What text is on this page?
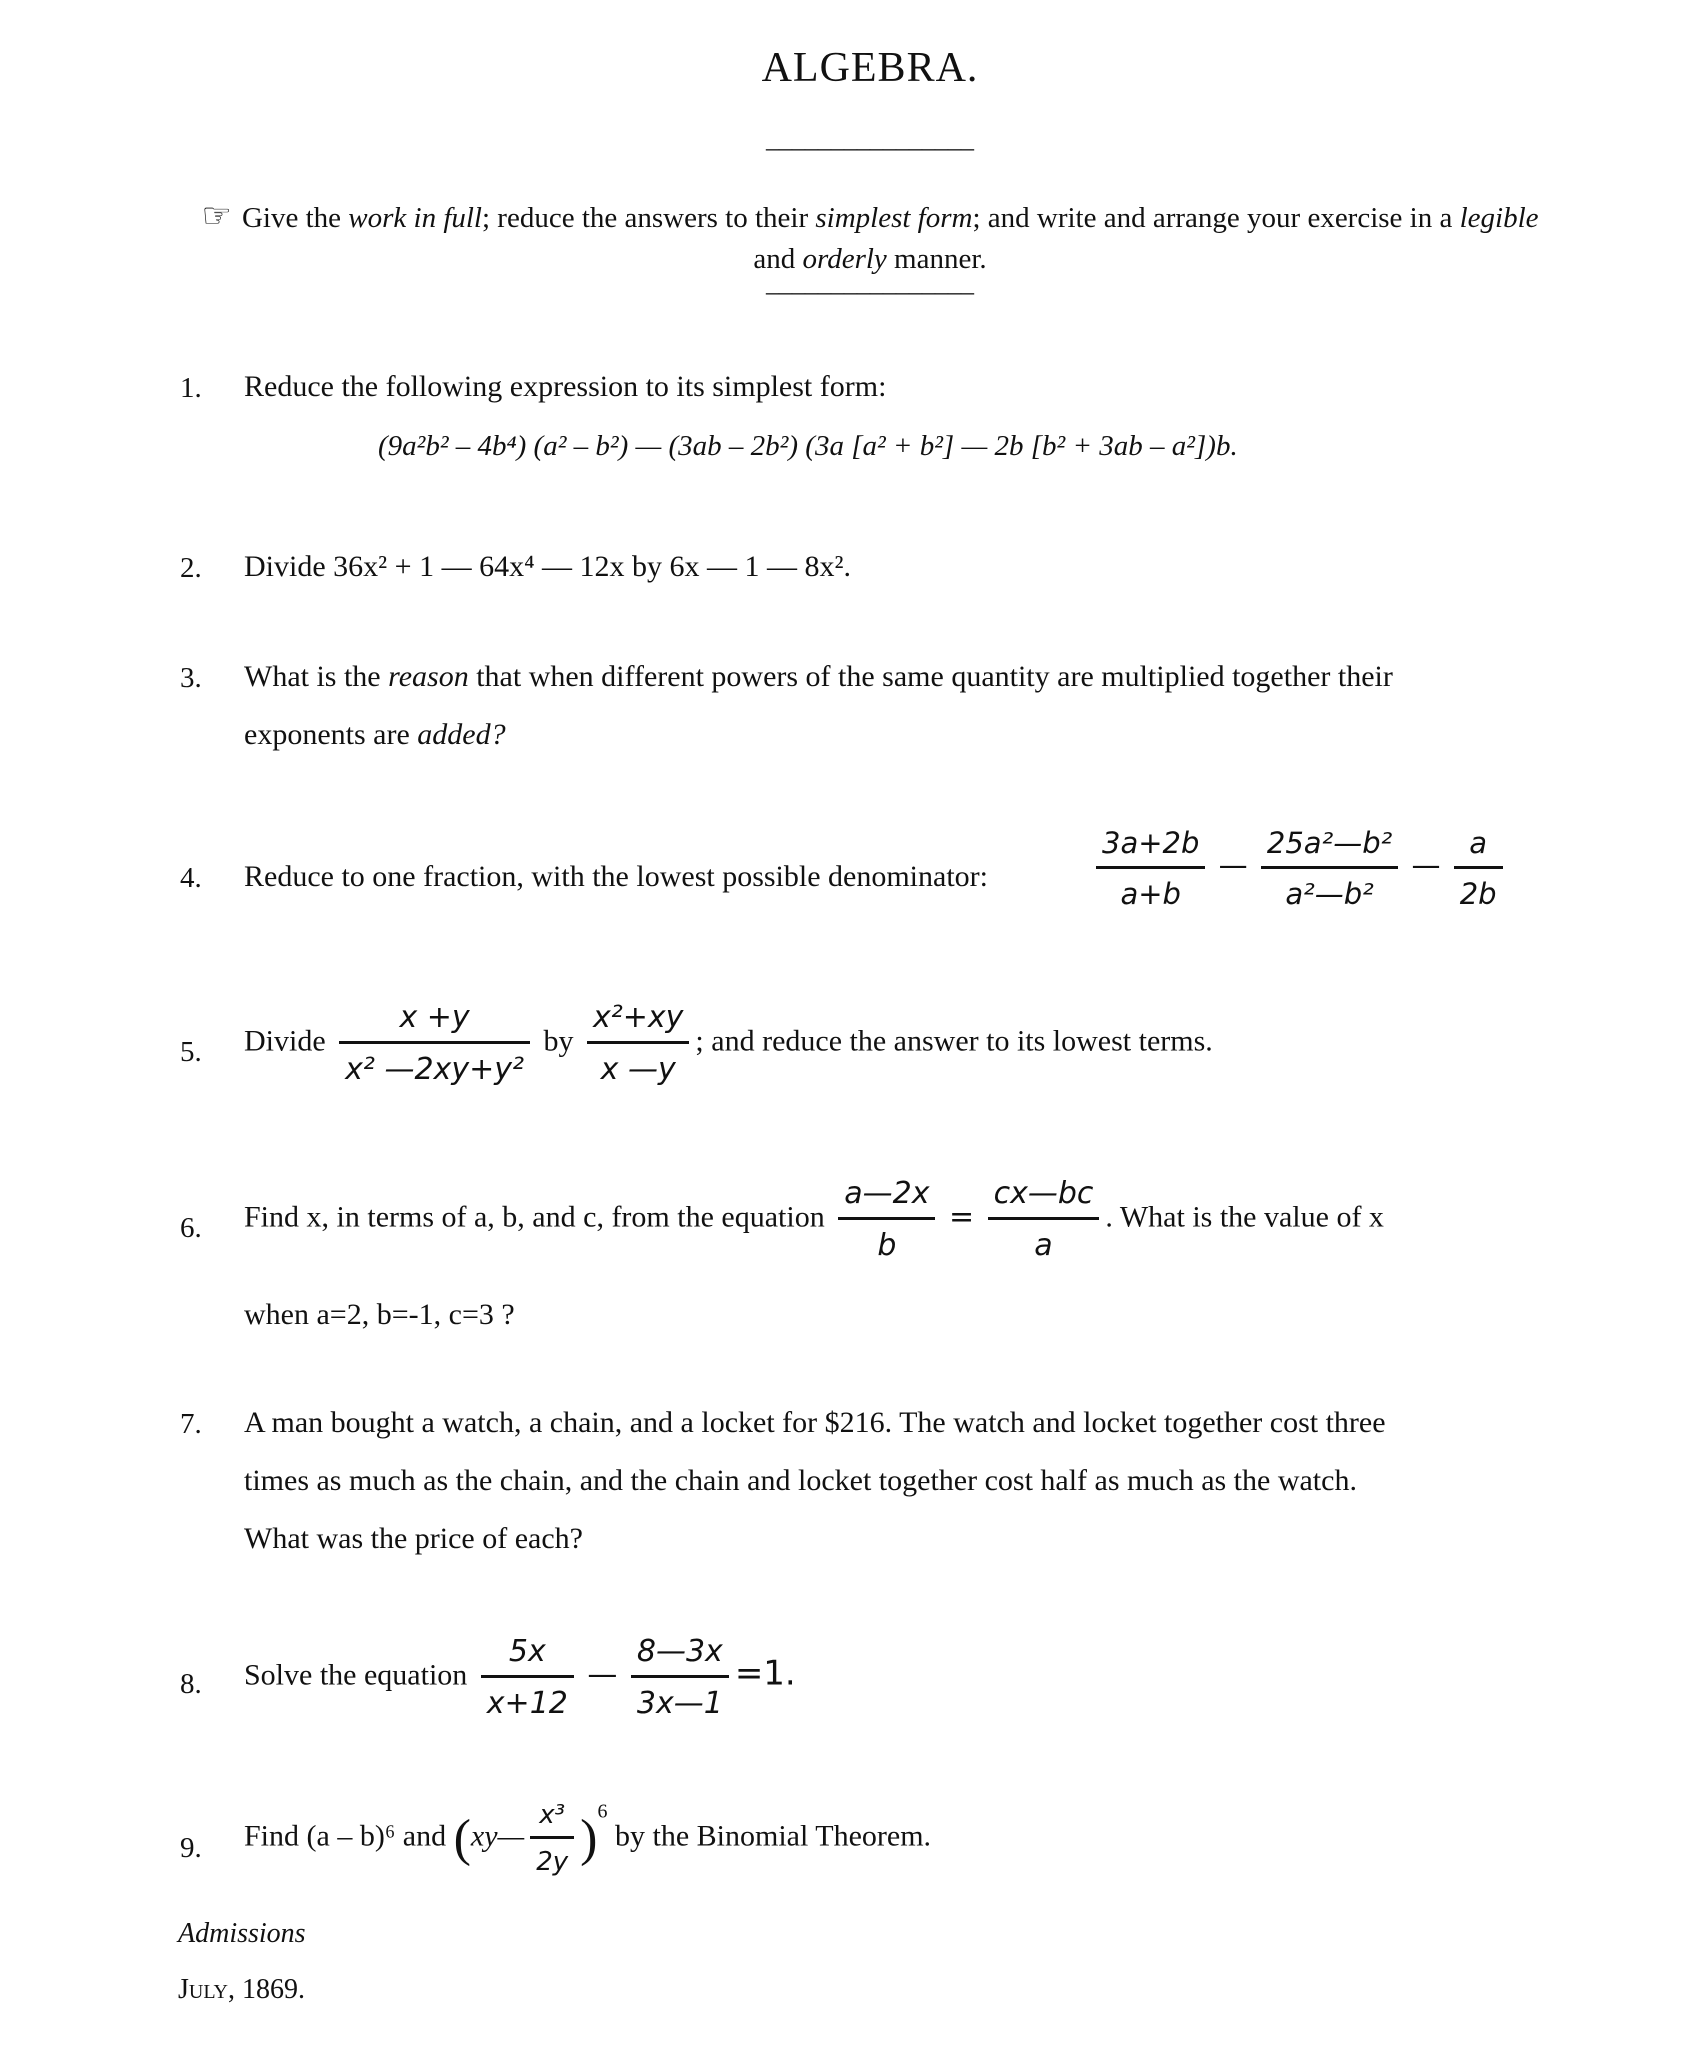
ALGEBRA.
________________
☞ Give the work in full; reduce the answers to their simplest form; and write and arrange your exercise in a legible and orderly manner.
________________
1. Reduce the following expression to its simplest form:
(9a²b² – 4b⁴) (a² – b²) — (3ab – 2b²) (3a [a² + b²] — 2b [b² + 3ab – a²])b.
2. Divide 36x² + 1 — 64x⁴ — 12x by 6x — 1 — 8x².
3. What is the reason that when different powers of the same quantity are multiplied together their
exponents are added?
4. Reduce to one fraction, with the lowest possible denominator:	$\frac{3a+2b}{a+b}$ — $\frac{\text{25a²—b²}}{\text{a²—b²}}$ — $\frac{a}{2b}$
5. Divide $\frac{x +y}{\text{x² —2xy+y²}}$ by $\frac{\text{x²+xy}}{x —y}$ ; and reduce the answer to its lowest terms.
6. Find x, in terms of a, b, and c, from the equation $\frac{a—2x}{b} = \frac{cx—bc}{a}$ . What is the value of x
when a=2, b=-1, c=3 ?
7. A man bought a watch, a chain, and a locket for $216. The watch and locket together cost three
times as much as the chain, and the chain and locket together cost half as much as the watch.
What was the price of each?
8. Solve the equation $\frac{5x}{x+12}$ — $\frac{8—3x}{3x—1} =1$.
9. Find (a – b)⁶ and (xy— $\frac{\text{x³}}{2y} )^6$ by the Binomial Theorem.
Admissions
July, 1869.
